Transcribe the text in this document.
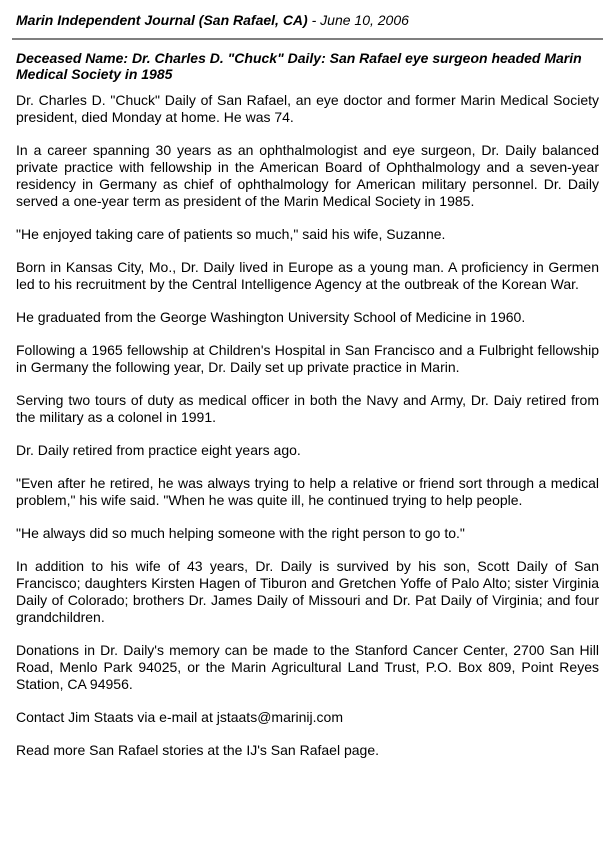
Marin Independent Journal (San Rafael, CA) - June 10, 2006
Deceased Name: Dr. Charles D. "Chuck" Daily: San Rafael eye surgeon headed Marin Medical Society in 1985

Dr. Charles D. "Chuck" Daily of San Rafael, an eye doctor and former Marin Medical Society president, died Monday at home. He was 74.

In a career spanning 30 years as an ophthalmologist and eye surgeon, Dr. Daily balanced private practice with fellowship in the American Board of Ophthalmology and a seven-year residency in Germany as chief of ophthalmology for American military personnel. Dr. Daily served a one-year term as president of the Marin Medical Society in 1985.

"He enjoyed taking care of patients so much," said his wife, Suzanne.

Born in Kansas City, Mo., Dr. Daily lived in Europe as a young man. A proficiency in Germen led to his recruitment by the Central Intelligence Agency at the outbreak of the Korean War.

He graduated from the George Washington University School of Medicine in 1960.

Following a 1965 fellowship at Children's Hospital in San Francisco and a Fulbright fellowship in Germany the following year, Dr. Daily set up private practice in Marin.

Serving two tours of duty as medical officer in both the Navy and Army, Dr. Daiy retired from the military as a colonel in 1991.

Dr. Daily retired from practice eight years ago.

"Even after he retired, he was always trying to help a relative or friend sort through a medical problem," his wife said. "When he was quite ill, he continued trying to help people.

"He always did so much helping someone with the right person to go to."

In addition to his wife of 43 years, Dr. Daily is survived by his son, Scott Daily of San Francisco; daughters Kirsten Hagen of Tiburon and Gretchen Yoffe of Palo Alto; sister Virginia Daily of Colorado; brothers Dr. James Daily of Missouri and Dr. Pat Daily of Virginia; and four grandchildren.

Donations in Dr. Daily's memory can be made to the Stanford Cancer Center, 2700 San Hill Road, Menlo Park 94025, or the Marin Agricultural Land Trust, P.O. Box 809, Point Reyes Station, CA 94956.

Contact Jim Staats via e-mail at jstaats@marinij.com

Read more San Rafael stories at the IJ's San Rafael page.
